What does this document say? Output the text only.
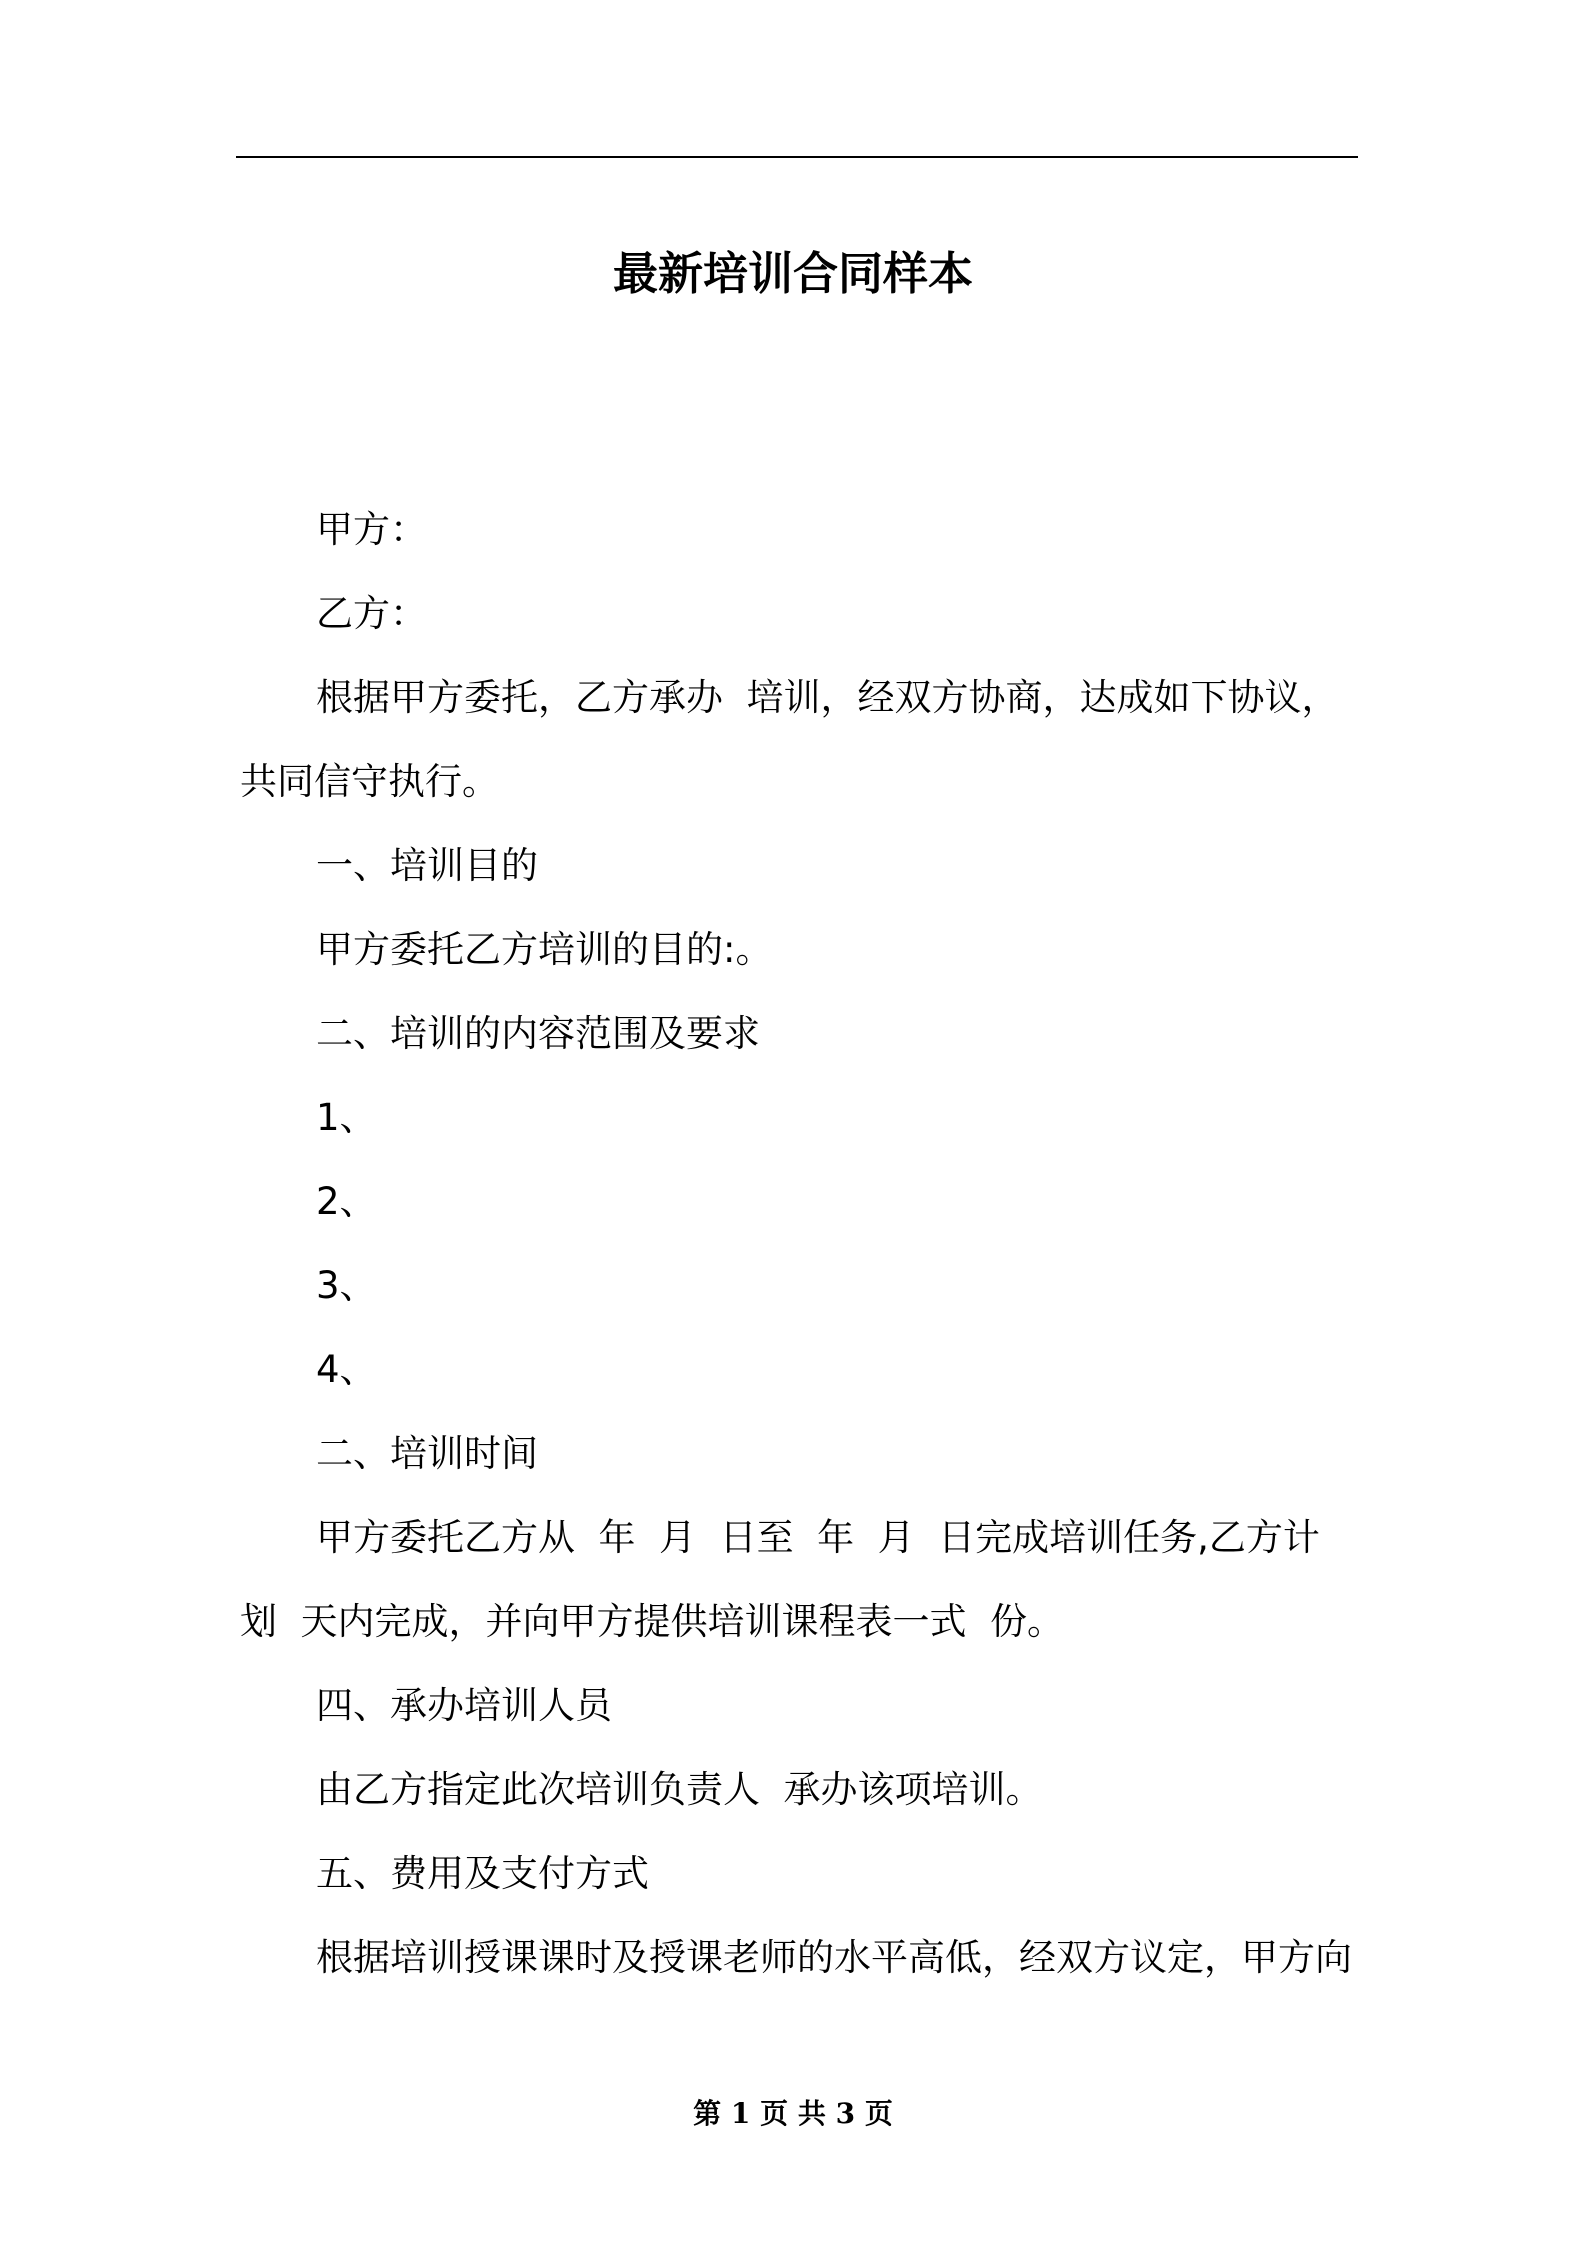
最新培训合同样本

甲方：

乙方：

根据甲方委托，乙方承办  培训，经双方协商，达成如下协议，共同信守执行。

一、培训目的

甲方委托乙方培训的目的:。

二、培训的内容范围及要求

1、

2、

3、

4、

二、培训时间

甲方委托乙方从  年  月  日至  年  月  日完成培训任务,乙方计划  天内完成，并向甲方提供培训课程表一式  份。

四、承办培训人员

由乙方指定此次培训负责人  承办该项培训。

五、费用及支付方式

根据培训授课课时及授课老师的水平高低，经双方议定，甲方向

第 1 页 共 3 页
